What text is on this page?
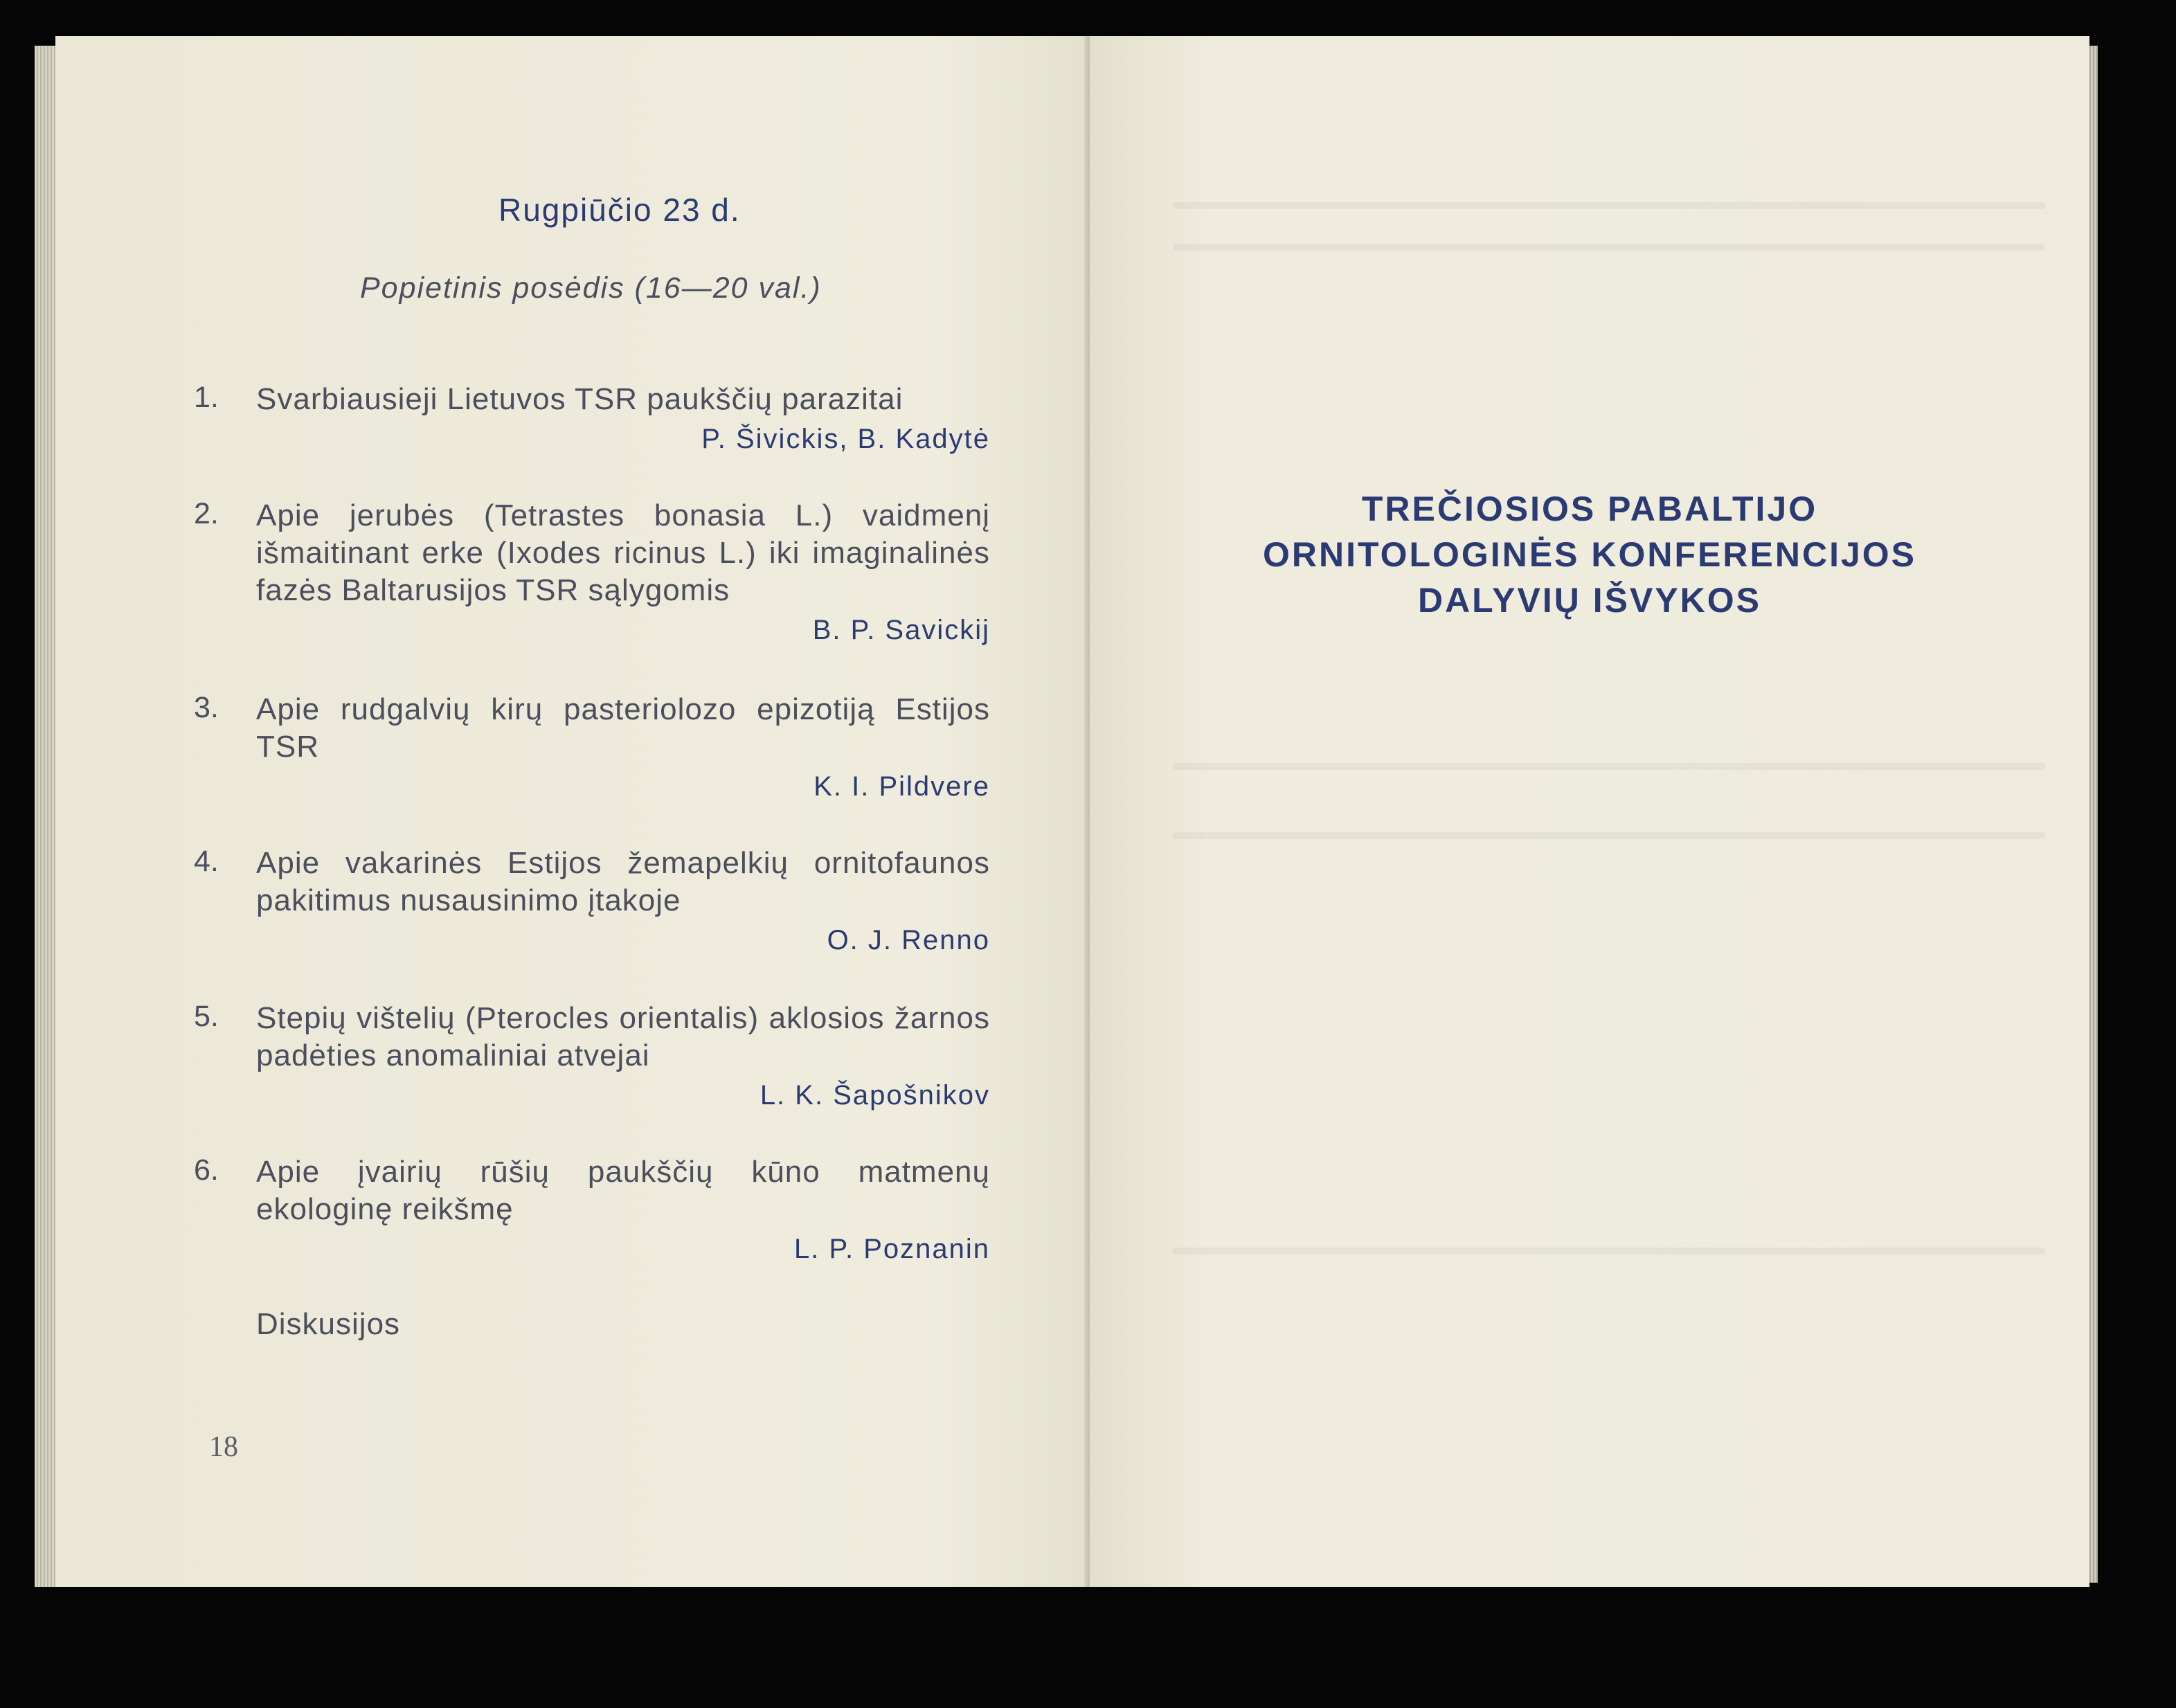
Rugpiūčio 23 d.

Popietinis posėdis (16—20 val.)

1. Svarbiausieji Lietuvos TSR paukščių parazitai
P. Šivickis, B. Kadytė
2. Apie jerubės (Tetrastes bonasia L.) vaidmenį išmaitinant erke (Ixodes ricinus L.) iki imaginalinės fazės Baltarusijos TSR sąlygomis
B. P. Savickij
3. Apie rudgalvių kirų pasteriolozo epizotiją Estijos TSR
K. I. Pildvere
4. Apie vakarinės Estijos žemapelkių ornitofaunos pakitimus nusausinimo įtakoje
O. J. Renno
5. Stepių vištelių (Pterocles orientalis) aklosios žarnos padėties anomaliniai atvejai
L. K. Šapošnikov
6. Apie įvairių rūšių paukščių kūno matmenų ekologinę reikšmę
L. P. Poznanin

Diskusijos

18
TREČIOSIOS PABALTIJO
ORNITOLOGINĖS KONFERENCIJOS
DALYVIŲ IŠVYKOS
